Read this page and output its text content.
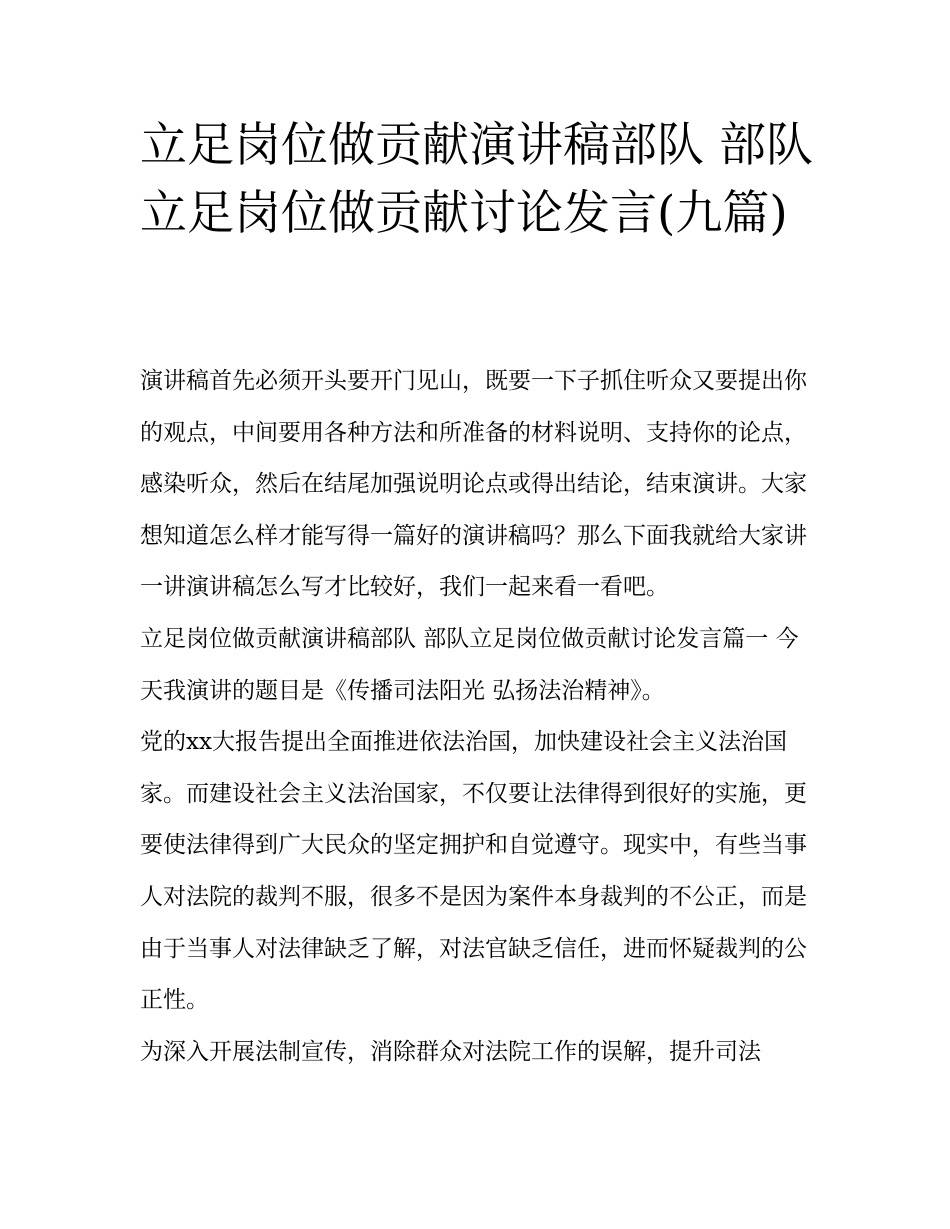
立足岗位做贡献演讲稿部队 部队立足岗位做贡献讨论发言(九篇)

演讲稿首先必须开头要开门见山，既要一下子抓住听众又要提出你的观点，中间要用各种方法和所准备的材料说明、支持你的论点，感染听众，然后在结尾加强说明论点或得出结论，结束演讲。大家想知道怎么样才能写得一篇好的演讲稿吗？那么下面我就给大家讲一讲演讲稿怎么写才比较好，我们一起来看一看吧。

立足岗位做贡献演讲稿部队 部队立足岗位做贡献讨论发言篇一 今天我演讲的题目是《传播司法阳光 弘扬法治精神》。

党的xx大报告提出全面推进依法治国，加快建设社会主义法治国家。而建设社会主义法治国家，不仅要让法律得到很好的实施，更要使法律得到广大民众的坚定拥护和自觉遵守。现实中，有些当事人对法院的裁判不服，很多不是因为案件本身裁判的不公正，而是由于当事人对法律缺乏了解，对法官缺乏信任，进而怀疑裁判的公正性。

为深入开展法制宣传，消除群众对法院工作的误解，提升司法
